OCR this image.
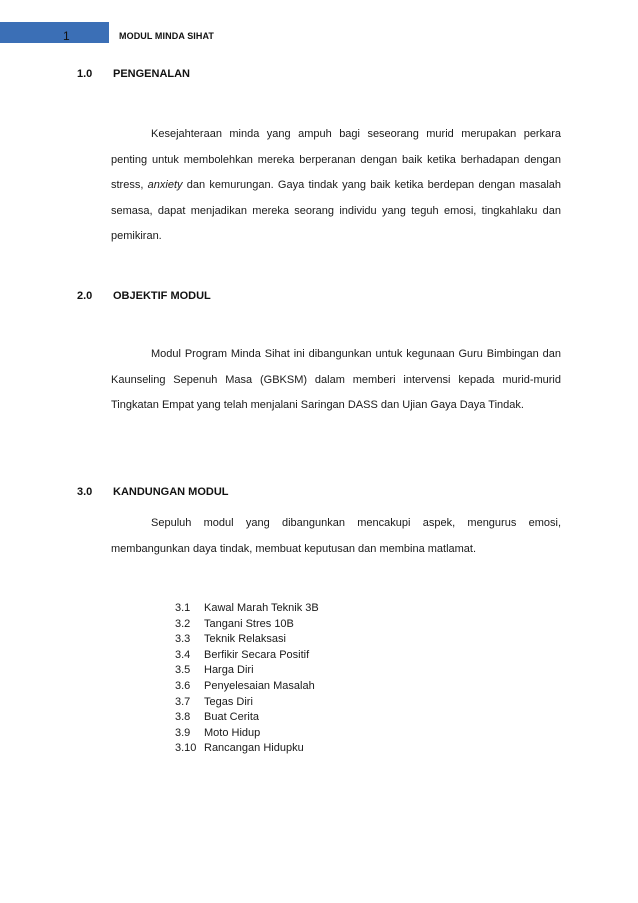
1	MODUL MINDA SIHAT
1.0 PENGENALAN

Kesejahteraan minda yang ampuh bagi seseorang murid merupakan perkara penting untuk membolehkan mereka berperanan dengan baik ketika berhadapan dengan stress, anxiety dan kemurungan. Gaya tindak yang baik ketika berdepan dengan masalah semasa, dapat menjadikan mereka seorang individu yang teguh emosi, tingkahlaku dan pemikiran.

2.0 OBJEKTIF MODUL

Modul Program Minda Sihat ini dibangunkan untuk kegunaan Guru Bimbingan dan Kaunseling Sepenuh Masa (GBKSM) dalam memberi intervensi kepada murid-murid Tingkatan Empat yang telah menjalani Saringan DASS dan Ujian Gaya Daya Tindak.

3.0 KANDUNGAN MODUL

Sepuluh modul yang dibangunkan mencakupi aspek, mengurus emosi, membangunkan daya tindak, membuat keputusan dan membina matlamat.

3.1 Kawal Marah Teknik 3B
3.2 Tangani Stres 10B
3.3 Teknik Relaksasi
3.4 Berfikir Secara Positif
3.5 Harga Diri
3.6 Penyelesaian Masalah
3.7 Tegas Diri
3.8 Buat Cerita
3.9 Moto Hidup
3.10 Rancangan Hidupku
